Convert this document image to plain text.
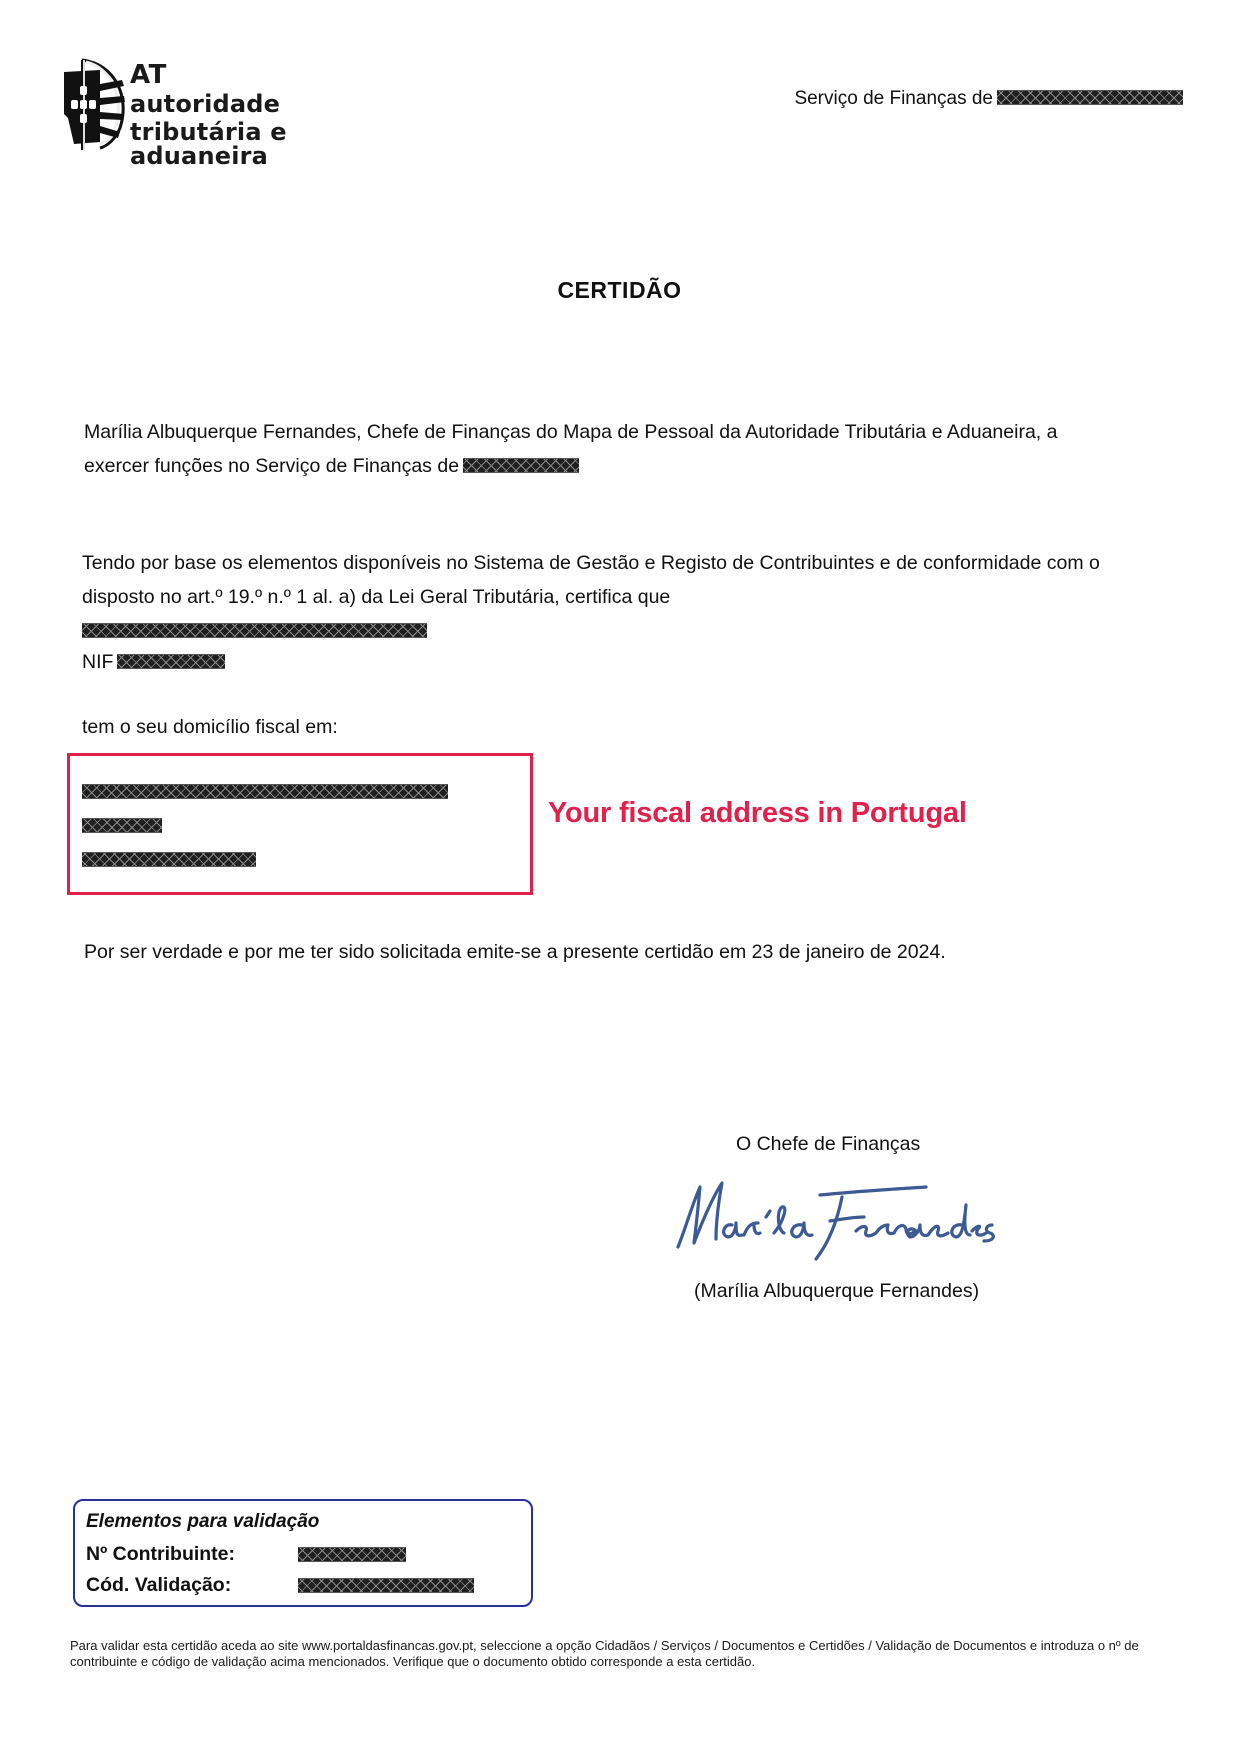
AT
autoridade
tributária e aduaneira
Serviço de Finanças de
CERTIDÃO
Marília Albuquerque Fernandes, Chefe de Finanças do Mapa de Pessoal da Autoridade Tributária e Aduaneira, a
exercer funções no Serviço de Finanças de
Tendo por base os elementos disponíveis no Sistema de Gestão e Registo de Contribuintes e de conformidade com o disposto no art.º 19.º n.º 1 al. a) da Lei Geral Tributária, certifica que
NIF
tem o seu domicílio fiscal em:
Your fiscal address in Portugal
Por ser verdade e por me ter sido solicitada emite-se a presente certidão em 23 de janeiro de 2024.
O Chefe de Finanças
(Marília Albuquerque Fernandes)
Elementos para validação
Nº Contribuinte:
Cód. Validação:
Para validar esta certidão aceda ao site www.portaldasfinancas.gov.pt, seleccione a opção Cidadãos / Serviços / Documentos e Certidões / Validação de Documentos e introduza o nº de contribuinte e código de validação acima mencionados. Verifique que o documento obtido corresponde a esta certidão.
